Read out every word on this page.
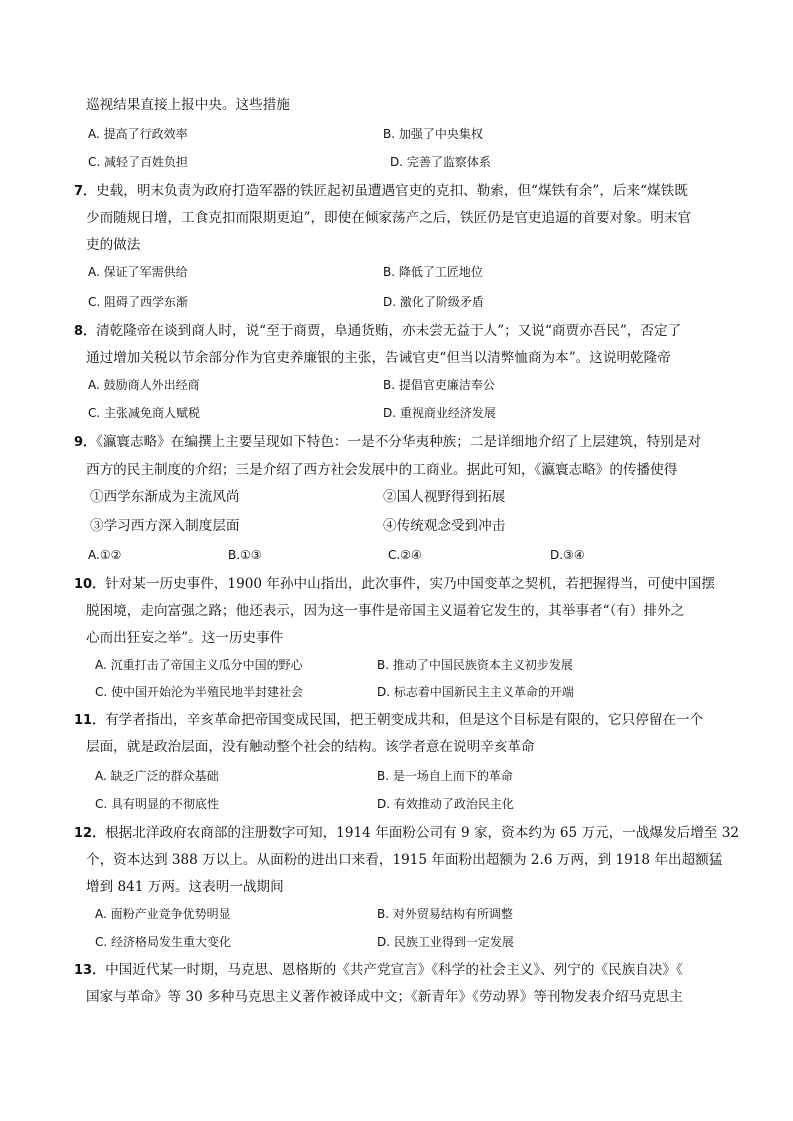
巡视结果直接上报中央。这些措施
A. 提高了行政效率	B. 加强了中央集权
C. 减轻了百姓负担	D. 完善了监察体系
7．史载，明末负责为政府打造军器的铁匠起初虽遭遇官吏的克扣、勒索，但“煤铁有余”，后来“煤铁既
少而随规日增，工食克扣而限期更迫”，即使在倾家荡产之后，铁匠仍是官吏追逼的首要对象。明末官
吏的做法
A. 保证了军需供给	B. 降低了工匠地位
C. 阻碍了西学东渐	D. 激化了阶级矛盾
8．清乾隆帝在谈到商人时，说“至于商贾，阜通货贿，亦未尝无益于人”；又说“商贾亦吾民”，否定了
通过增加关税以节余部分作为官吏养廉银的主张，告诫官吏“但当以清弊恤商为本”。这说明乾隆帝
A. 鼓励商人外出经商	B. 提倡官吏廉洁奉公
C. 主张减免商人赋税	D. 重视商业经济发展
9．《瀛寰志略》在编撰上主要呈现如下特色：一是不分华夷种族；二是详细地介绍了上层建筑，特别是对
西方的民主制度的介绍；三是介绍了西方社会发展中的工商业。据此可知，《瀛寰志略》的传播使得
①西学东渐成为主流风尚	②国人视野得到拓展
③学习西方深入制度层面	④传统观念受到冲击
A.①②	B.①③	C.②④	D.③④
10．针对某一历史事件，1900 年孙中山指出，此次事件，实乃中国变革之契机，若把握得当，可使中国摆
脱困境，走向富强之路；他还表示，因为这一事件是帝国主义逼着它发生的，其举事者“（有）排外之
心而出狂妄之举”。这一历史事件
A. 沉重打击了帝国主义瓜分中国的野心	B. 推动了中国民族资本主义初步发展
C. 使中国开始沦为半殖民地半封建社会	D. 标志着中国新民主主义革命的开端
11．有学者指出，辛亥革命把帝国变成民国，把王朝变成共和，但是这个目标是有限的，它只停留在一个
层面，就是政治层面，没有触动整个社会的结构。该学者意在说明辛亥革命
A. 缺乏广泛的群众基础	B. 是一场自上而下的革命
C. 具有明显的不彻底性	D. 有效推动了政治民主化
12．根据北洋政府农商部的注册数字可知，1914 年面粉公司有 9 家，资本约为 65 万元，一战爆发后增至 32
个，资本达到 388 万以上。从面粉的进出口来看，1915 年面粉出超额为 2.6 万两，到 1918 年出超额猛
增到 841 万两。这表明一战期间
A. 面粉产业竞争优势明显	B. 对外贸易结构有所调整
C. 经济格局发生重大变化	D. 民族工业得到一定发展
13．中国近代某一时期，马克思、恩格斯的《共产党宣言》《科学的社会主义》、列宁的《民族自决》《
国家与革命》等 30 多种马克思主义著作被译成中文；《新青年》《劳动界》等刊物发表介绍马克思主
